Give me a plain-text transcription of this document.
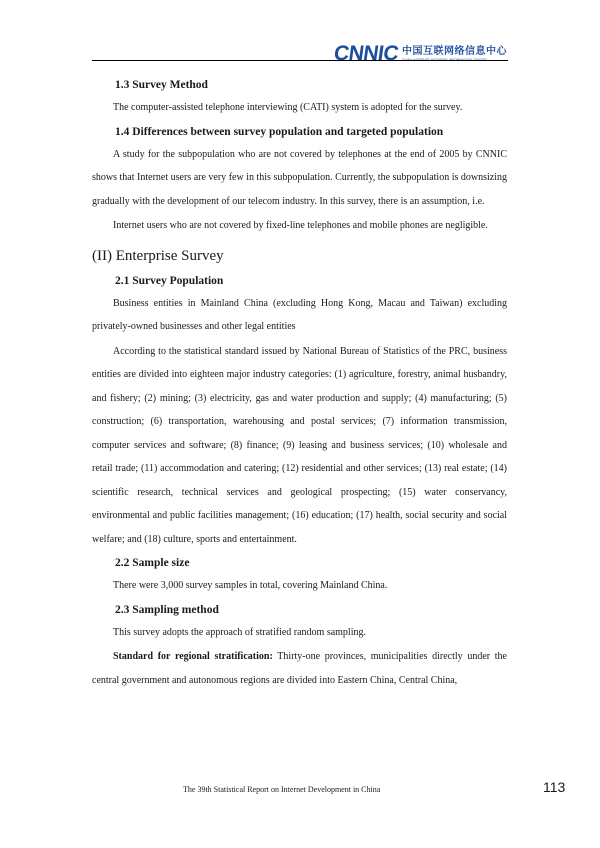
CNNIC 中国互联网络信息中心
CHINA INTERNET NETWORK INFORMATION CENTER
1.3 Survey Method

The computer-assisted telephone interviewing (CATI) system is adopted for the survey.

1.4 Differences between survey population and targeted population

A study for the subpopulation who are not covered by telephones at the end of 2005 by CNNIC shows that Internet users are very few in this subpopulation. Currently, the subpopulation is downsizing gradually with the development of our telecom industry. In this survey, there is an assumption, i.e.

Internet users who are not covered by fixed-line telephones and mobile phones are negligible.

(II) Enterprise Survey
2.1 Survey Population

Business entities in Mainland China (excluding Hong Kong, Macau and Taiwan) excluding privately-owned businesses and other legal entities

According to the statistical standard issued by National Bureau of Statistics of the PRC, business entities are divided into eighteen major industry categories: (1) agriculture, forestry, animal husbandry, and fishery; (2) mining; (3) electricity, gas and water production and supply; (4) manufacturing; (5) construction; (6) transportation, warehousing and postal services; (7) information transmission, computer services and software; (8) finance; (9) leasing and business services; (10) wholesale and retail trade; (11) accommodation and catering; (12) residential and other services; (13) real estate; (14) scientific research, technical services and geological prospecting; (15) water conservancy, environmental and public facilities management; (16) education; (17) health, social security and social welfare; and (18) culture, sports and entertainment.

2.2 Sample size

There were 3,000 survey samples in total, covering Mainland China.

2.3 Sampling method

This survey adopts the approach of stratified random sampling.

Standard for regional stratification: Thirty-one provinces, municipalities directly under the central government and autonomous regions are divided into Eastern China, Central China,

The 39th Statistical Report on Internet Development in China	113
